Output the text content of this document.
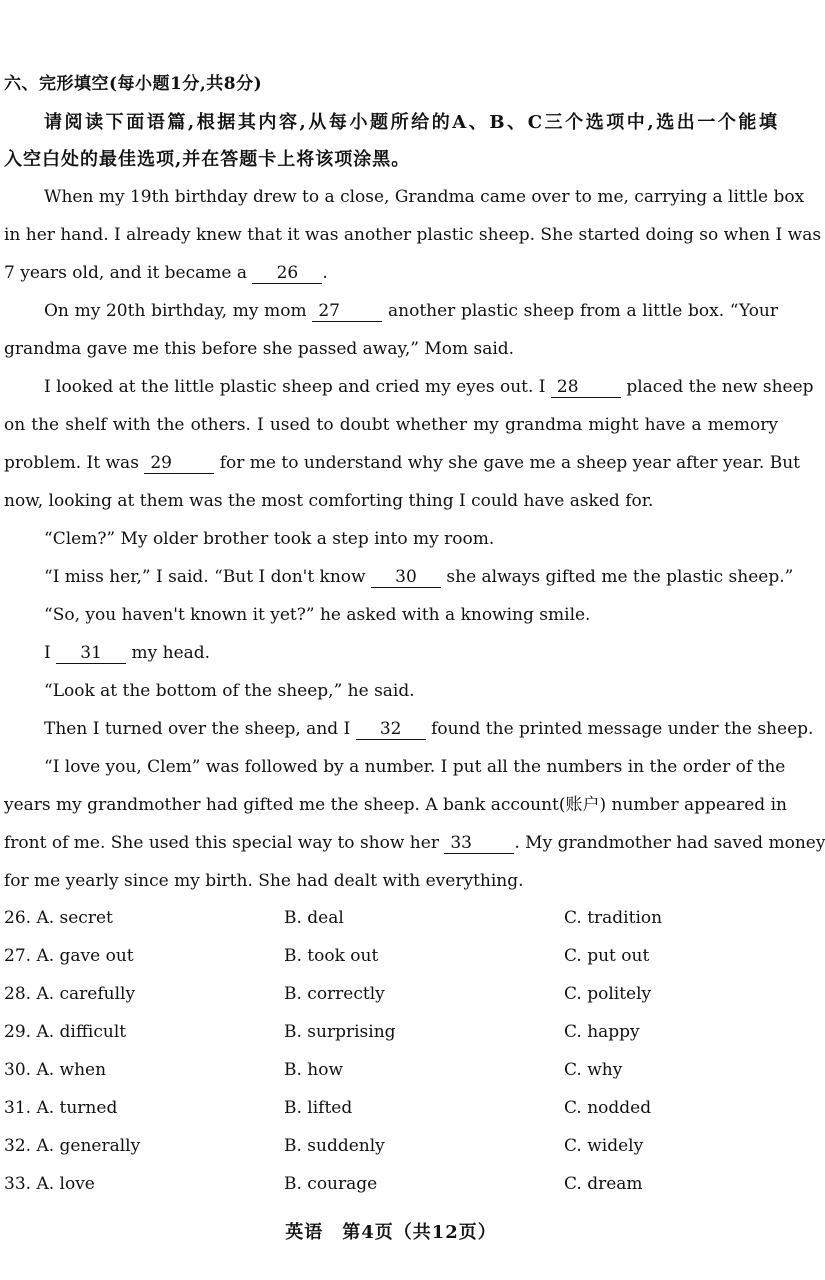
六、完形填空(每小题1分,共8分)
请阅读下面语篇,根据其内容,从每小题所给的A、B、C三个选项中,选出一个能填
入空白处的最佳选项,并在答题卡上将该项涂黑。
When my 19th birthday drew to a close, Grandma came over to me, carrying a little box
in her hand. I already knew that it was another plastic sheep. She started doing so when I was
7 years old, and it became a 26 .
On my 20th birthday, my mom 27	another plastic sheep from a little box. “Your
grandma gave me this before she passed away,” Mom said.
I looked at the little plastic sheep and cried my eyes out. I 28	placed the new sheep
on the shelf with the others. I used to doubt whether my grandma might have a memory
problem. It was 29	for me to understand why she gave me a sheep year after year. But
now, looking at them was the most comforting thing I could have asked for.
“Clem?” My older brother took a step into my room.
“I miss her,” I said. “But I don't know 30 she always gifted me the plastic sheep.”
“So, you haven't known it yet?” he asked with a knowing smile.
I 31 my head.
“Look at the bottom of the sheep,” he said.
Then I turned over the sheep, and I 32 found the printed message under the sheep.
“I love you, Clem” was followed by a number. I put all the numbers in the order of the
years my grandmother had gifted me the sheep. A bank account(账户) number appeared in
front of me. She used this special way to show her 33 . My grandmother had saved money
for me yearly since my birth. She had dealt with everything.
26. A. secret	B. deal	C. tradition
27. A. gave out	B. took out	C. put out
28. A. carefully	B. correctly	C. politely
29. A. difficult	B. surprising	C. happy
30. A. when	B. how	C. why
31. A. turned	B. lifted	C. nodded
32. A. generally	B. suddenly	C. widely
33. A. love	B. courage	C. dream
英语　第4页（共12页）
